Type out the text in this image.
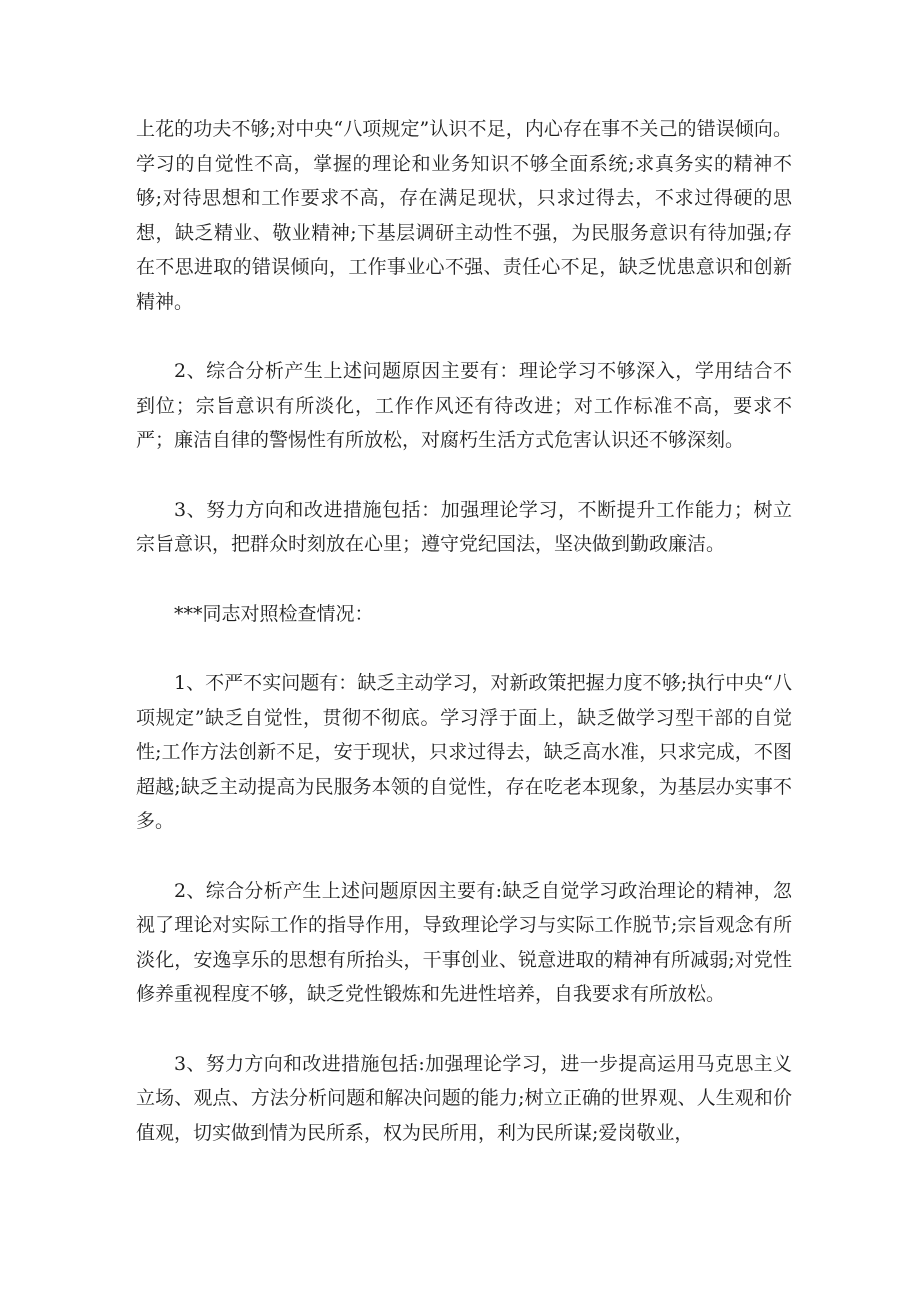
上花的功夫不够;对中央“八项规定”认识不足，内心存在事不关己的错误倾向。学习的自觉性不高，掌握的理论和业务知识不够全面系统;求真务实的精神不够;对待思想和工作要求不高，存在满足现状，只求过得去，不求过得硬的思想，缺乏精业、敬业精神;下基层调研主动性不强，为民服务意识有待加强;存在不思进取的错误倾向，工作事业心不强、责任心不足，缺乏忧患意识和创新精神。

2、综合分析产生上述问题原因主要有：理论学习不够深入，学用结合不到位；宗旨意识有所淡化，工作作风还有待改进；对工作标准不高，要求不严；廉洁自律的警惕性有所放松，对腐朽生活方式危害认识还不够深刻。

3、努力方向和改进措施包括：加强理论学习，不断提升工作能力；树立宗旨意识，把群众时刻放在心里；遵守党纪国法，坚决做到勤政廉洁。

***同志对照检查情况：

1、不严不实问题有：缺乏主动学习，对新政策把握力度不够;执行中央“八项规定”缺乏自觉性，贯彻不彻底。学习浮于面上，缺乏做学习型干部的自觉性;工作方法创新不足，安于现状，只求过得去，缺乏高水准，只求完成，不图超越;缺乏主动提高为民服务本领的自觉性，存在吃老本现象，为基层办实事不多。

2、综合分析产生上述问题原因主要有:缺乏自觉学习政治理论的精神，忽视了理论对实际工作的指导作用，导致理论学习与实际工作脱节;宗旨观念有所淡化，安逸享乐的思想有所抬头，干事创业、锐意进取的精神有所减弱;对党性修养重视程度不够，缺乏党性锻炼和先进性培养，自我要求有所放松。

3、努力方向和改进措施包括:加强理论学习，进一步提高运用马克思主义立场、观点、方法分析问题和解决问题的能力;树立正确的世界观、人生观和价值观，切实做到情为民所系，权为民所用，利为民所谋;爱岗敬业，
